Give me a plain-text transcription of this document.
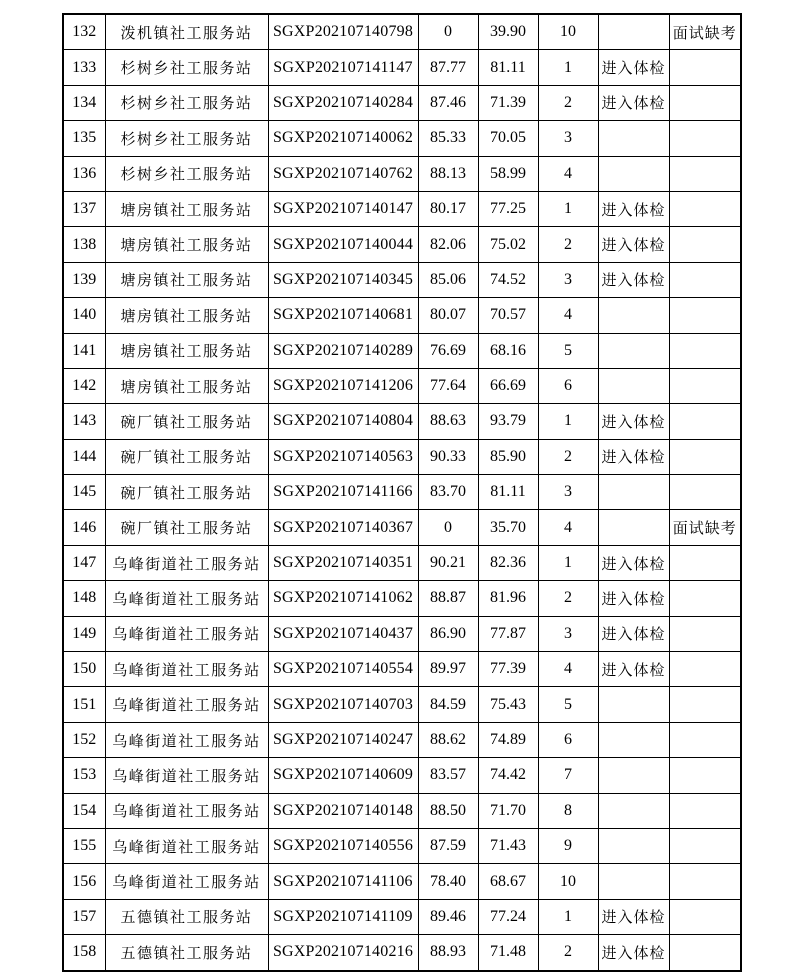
132	泼机镇社工服务站	SGXP202107140798	0	39.90	10		面试缺考
133	杉树乡社工服务站	SGXP202107141147	87.77	81.11	1	进入体检	
134	杉树乡社工服务站	SGXP202107140284	87.46	71.39	2	进入体检	
135	杉树乡社工服务站	SGXP202107140062	85.33	70.05	3		
136	杉树乡社工服务站	SGXP202107140762	88.13	58.99	4		
137	塘房镇社工服务站	SGXP202107140147	80.17	77.25	1	进入体检	
138	塘房镇社工服务站	SGXP202107140044	82.06	75.02	2	进入体检	
139	塘房镇社工服务站	SGXP202107140345	85.06	74.52	3	进入体检	
140	塘房镇社工服务站	SGXP202107140681	80.07	70.57	4		
141	塘房镇社工服务站	SGXP202107140289	76.69	68.16	5		
142	塘房镇社工服务站	SGXP202107141206	77.64	66.69	6		
143	碗厂镇社工服务站	SGXP202107140804	88.63	93.79	1	进入体检	
144	碗厂镇社工服务站	SGXP202107140563	90.33	85.90	2	进入体检	
145	碗厂镇社工服务站	SGXP202107141166	83.70	81.11	3		
146	碗厂镇社工服务站	SGXP202107140367	0	35.70	4		面试缺考
147	乌峰街道社工服务站	SGXP202107140351	90.21	82.36	1	进入体检	
148	乌峰街道社工服务站	SGXP202107141062	88.87	81.96	2	进入体检	
149	乌峰街道社工服务站	SGXP202107140437	86.90	77.87	3	进入体检	
150	乌峰街道社工服务站	SGXP202107140554	89.97	77.39	4	进入体检	
151	乌峰街道社工服务站	SGXP202107140703	84.59	75.43	5		
152	乌峰街道社工服务站	SGXP202107140247	88.62	74.89	6		
153	乌峰街道社工服务站	SGXP202107140609	83.57	74.42	7		
154	乌峰街道社工服务站	SGXP202107140148	88.50	71.70	8		
155	乌峰街道社工服务站	SGXP202107140556	87.59	71.43	9		
156	乌峰街道社工服务站	SGXP202107141106	78.40	68.67	10		
157	五德镇社工服务站	SGXP202107141109	89.46	77.24	1	进入体检	
158	五德镇社工服务站	SGXP202107140216	88.93	71.48	2	进入体检	
